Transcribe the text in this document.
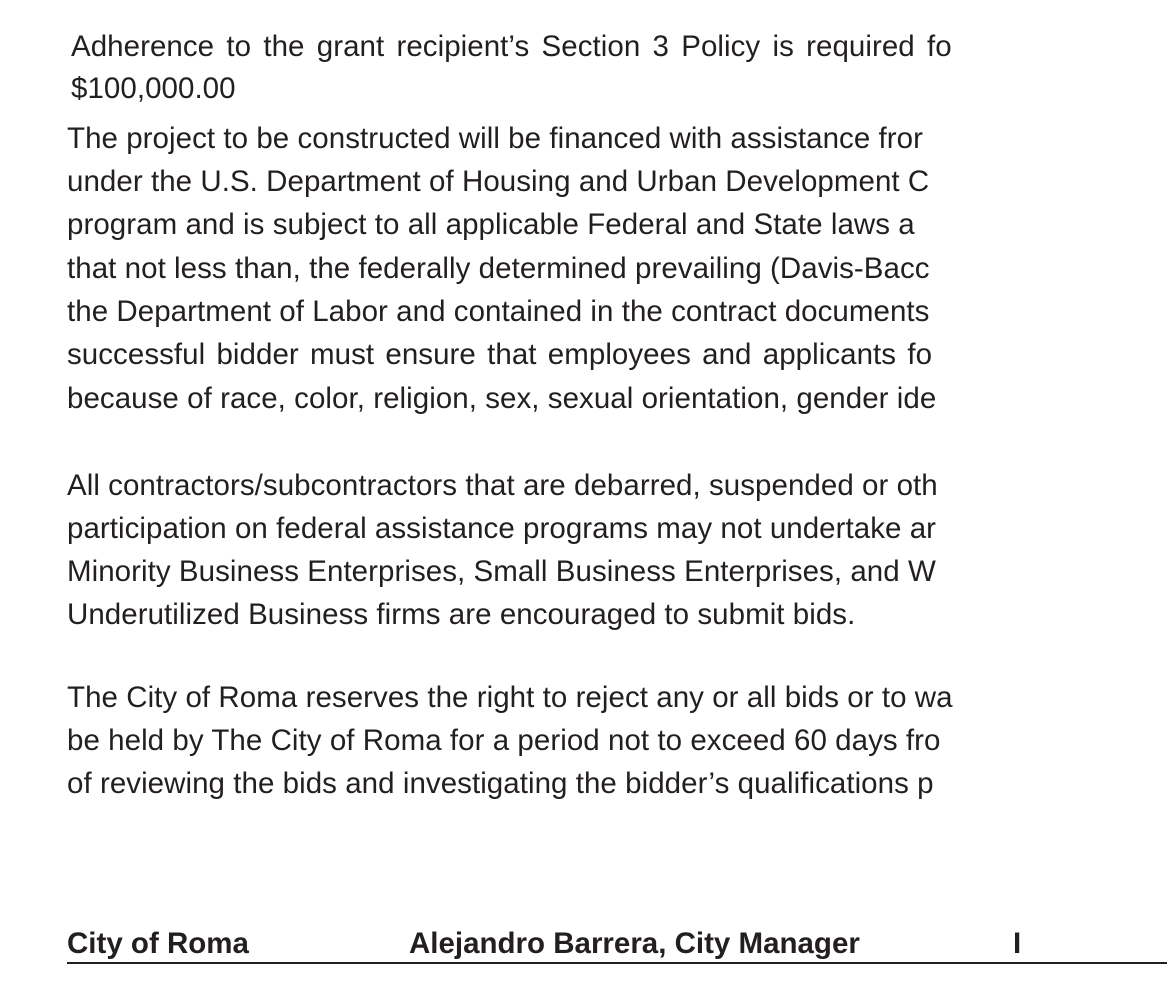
Adherence to the grant recipient’s Section 3 Policy is required fo
$100,000.00
The project to be constructed will be financed with assistance fror
under the U.S. Department of Housing and Urban Development C
program and is subject to all applicable Federal and State laws a
that not less than, the federally determined prevailing (Davis-Bacc
the Department of Labor and contained in the contract documents
successful bidder must ensure that employees and applicants fo
because of race, color, religion, sex, sexual orientation, gender ide
All contractors/subcontractors that are debarred, suspended or oth
participation on federal assistance programs may not undertake ar
Minority Business Enterprises, Small Business Enterprises, and W
Underutilized Business firms are encouraged to submit bids.
The City of Roma reserves the right to reject any or all bids or to wa
be held by The City of Roma for a period not to exceed 60 days fro
of reviewing the bids and investigating the bidder’s qualifications p
City of Roma	Alejandro Barrera, City Manager	I
